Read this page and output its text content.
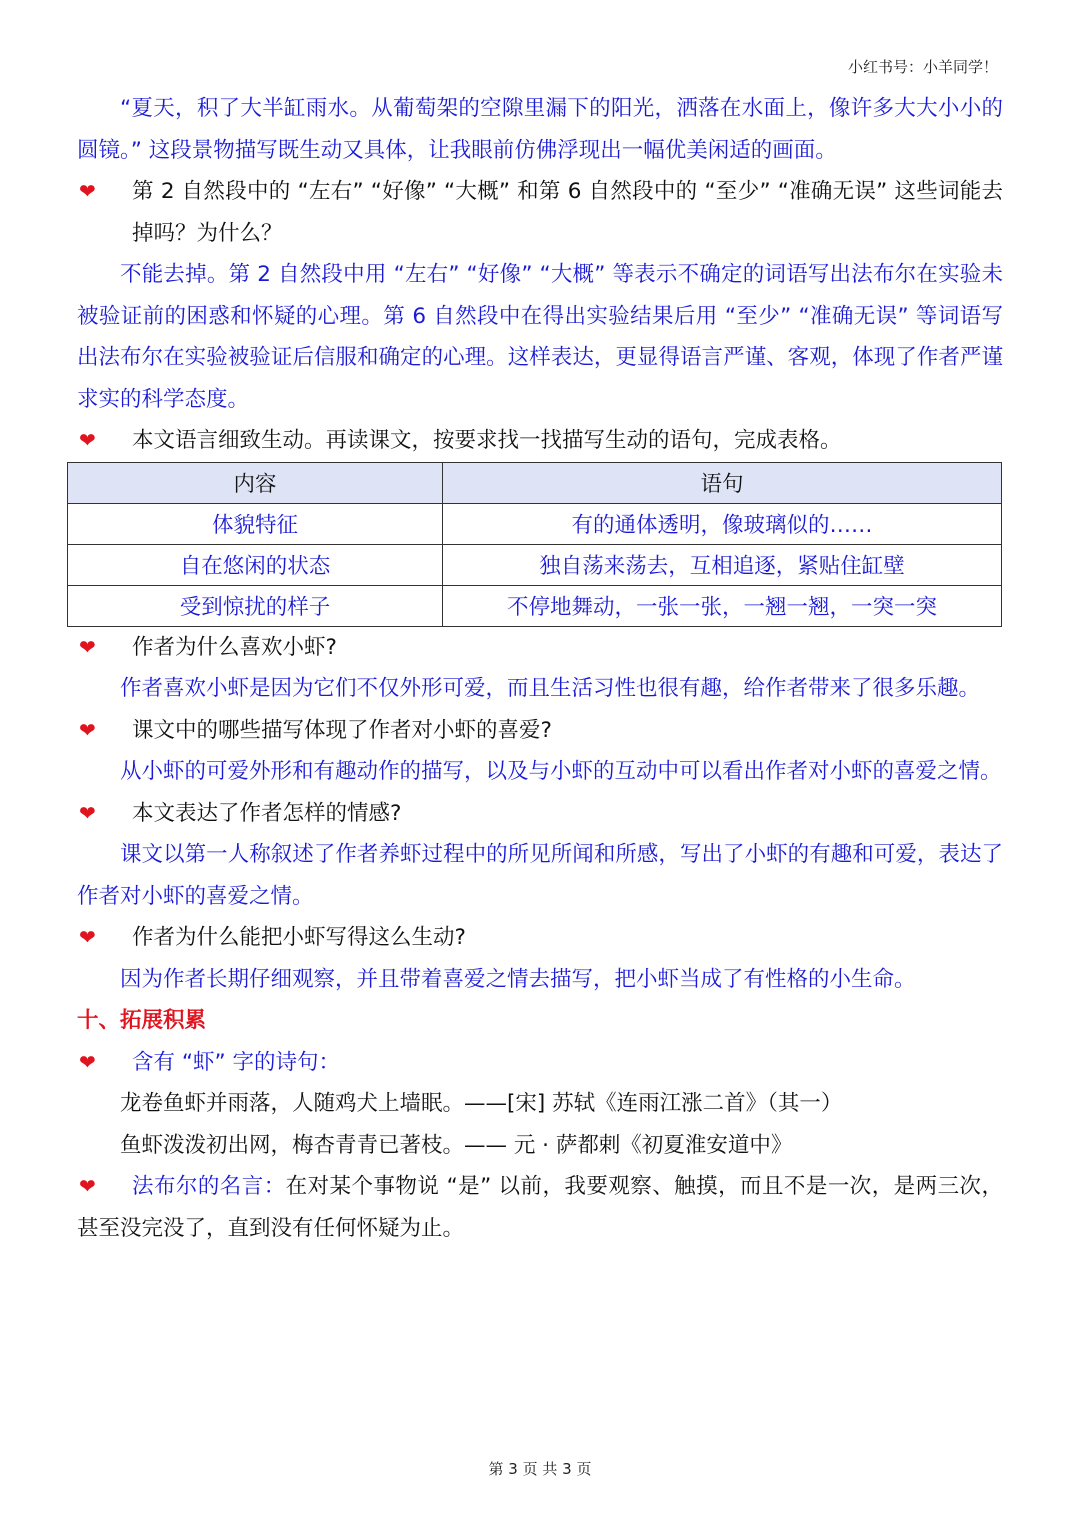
小红书号：小羊同学！

“夏天，积了大半缸雨水。从葡萄架的空隙里漏下的阳光，洒落在水面上，像许多大大小小的圆镜。” 这段景物描写既生动又具体，让我眼前仿佛浮现出一幅优美闲适的画面。

❤ 第 2 自然段中的 “左右” “好像” “大概” 和第 6 自然段中的 “至少” “准确无误” 这些词能去掉吗？为什么？

不能去掉。第 2 自然段中用 “左右” “好像” “大概” 等表示不确定的词语写出法布尔在实验未被验证前的困惑和怀疑的心理。第 6 自然段中在得出实验结果后用 “至少” “准确无误” 等词语写出法布尔在实验被验证后信服和确定的心理。这样表达，更显得语言严谨、客观，体现了作者严谨求实的科学态度。

❤ 本文语言细致生动。再读课文，按要求找一找描写生动的语句，完成表格。
内容	语句
体貌特征	有的通体透明，像玻璃似的……
自在悠闲的状态	独自荡来荡去，互相追逐，紧贴住缸壁
受到惊扰的样子	不停地舞动，一张一张，一翘一翘，一突一突
❤ 作者为什么喜欢小虾?

作者喜欢小虾是因为它们不仅外形可爱，而且生活习性也很有趣，给作者带来了很多乐趣。

❤ 课文中的哪些描写体现了作者对小虾的喜爱?

从小虾的可爱外形和有趣动作的描写，以及与小虾的互动中可以看出作者对小虾的喜爱之情。

❤ 本文表达了作者怎样的情感?

课文以第一人称叙述了作者养虾过程中的所见所闻和所感，写出了小虾的有趣和可爱，表达了作者对小虾的喜爱之情。

❤ 作者为什么能把小虾写得这么生动?

因为作者长期仔细观察，并且带着喜爱之情去描写，把小虾当成了有性格的小生命。

十、拓展积累

❤ 含有 “虾” 字的诗句：

龙卷鱼虾并雨落，人随鸡犬上墙眠。——[宋] 苏轼《连雨江涨二首》（其一）

鱼虾泼泼初出网，梅杏青青已著枝。—— 元 · 萨都剌《初夏淮安道中》

❤ 法布尔的名言：在对某个事物说 “是” 以前，我要观察、触摸，而且不是一次，是两三次，甚至没完没了，直到没有任何怀疑为止。
第 3 页 共 3 页
